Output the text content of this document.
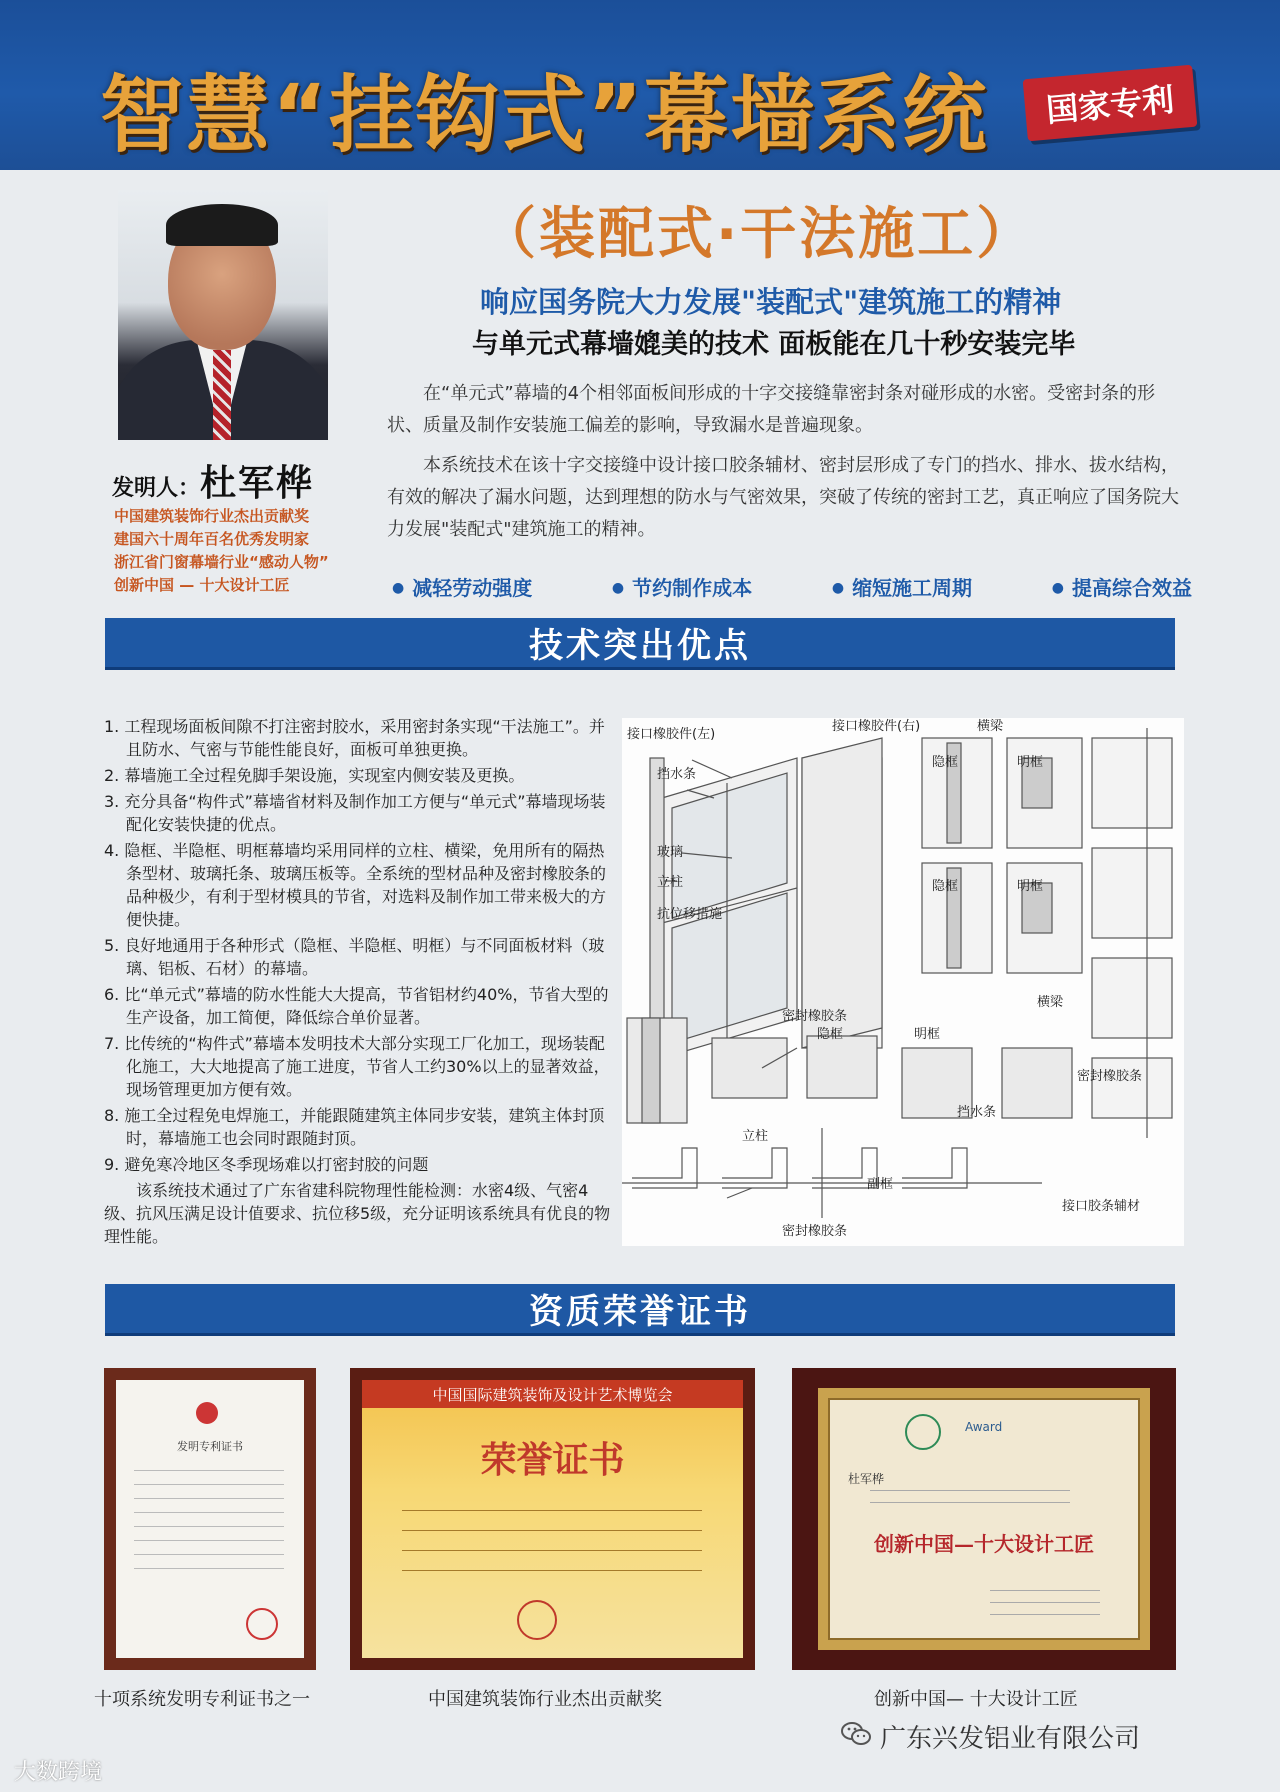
智慧“挂钩式”幕墙系统	国家专利
（装配式·干法施工）
发明人：杜军桦
中国建筑装饰行业杰出贡献奖
建国六十周年百名优秀发明家
浙江省门窗幕墙行业“感动人物”
创新中国 — 十大设计工匠
响应国务院大力发展"装配式"建筑施工的精神
与单元式幕墙媲美的技术 面板能在几十秒安装完毕

在“单元式”幕墙的4个相邻面板间形成的十字交接缝靠密封条对碰形成的水密。受密封条的形状、质量及制作安装施工偏差的影响，导致漏水是普遍现象。

本系统技术在该十字交接缝中设计接口胶条辅材、密封层形成了专门的挡水、排水、拔水结构，有效的解决了漏水问题，达到理想的防水与气密效果，突破了传统的密封工艺，真正响应了国务院大力发展"装配式"建筑施工的精神。

● 减轻劳动强度	● 节约制作成本	● 缩短施工周期	● 提高综合效益
技术突出优点
1. 工程现场面板间隙不打注密封胶水，采用密封条实现“干法施工”。并且防水、气密与节能性能良好，面板可单独更换。
2. 幕墙施工全过程免脚手架设施，实现室内侧安装及更换。
3. 充分具备“构件式”幕墙省材料及制作加工方便与“单元式”幕墙现场装配化安装快捷的优点。
4. 隐框、半隐框、明框幕墙均采用同样的立柱、横梁，免用所有的隔热条型材、玻璃托条、玻璃压板等。全系统的型材品种及密封橡胶条的品种极少，有利于型材模具的节省，对选料及制作加工带来极大的方便快捷。
5. 良好地通用于各种形式（隐框、半隐框、明框）与不同面板材料（玻璃、铝板、石材）的幕墙。
6. 比“单元式”幕墙的防水性能大大提高，节省铝材约40%，节省大型的生产设备，加工简便，降低综合单价显著。
7. 比传统的“构件式”幕墙本发明技术大部分实现工厂化加工，现场装配化施工，大大地提高了施工进度，节省人工约30%以上的显著效益，现场管理更加方便有效。
8. 施工全过程免电焊施工，并能跟随建筑主体同步安装，建筑主体封顶时，幕墙施工也会同时跟随封顶。
9. 避免寒冷地区冬季现场难以打密封胶的问题

该系统技术通过了广东省建科院物理性能检测：水密4级、气密4级、抗风压满足设计值要求、抗位移5级，充分证明该系统具有优良的物理性能。

接口橡胶件(左)
接口橡胶件(右)	横梁
挡水条
隐框	明框
玻璃
立柱	隐框	明框
抗位移措施
横梁
密封橡胶条
隐框	明框
密封橡胶条
挡水条
立柱
副框
密封橡胶条
接口胶条辅材
资质荣誉证书
发明专利证书
中国国际建筑装饰及设计艺术博览会
荣誉证书
Award
杜军桦
创新中国—十大设计工匠
十项系统发明专利证书之一	中国建筑装饰行业杰出贡献奖	创新中国— 十大设计工匠
广东兴发铝业有限公司
大数跨境
